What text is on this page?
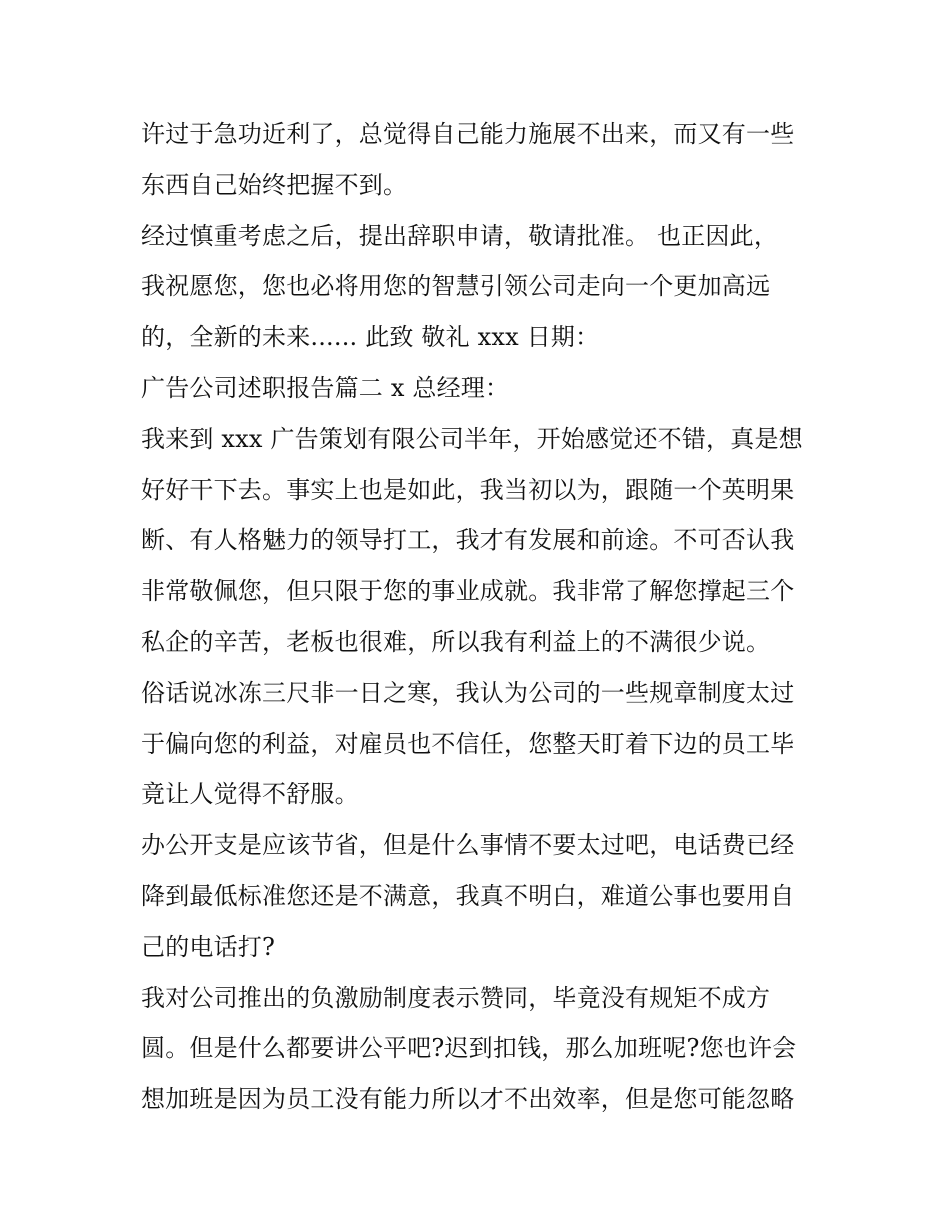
许过于急功近利了，总觉得自己能力施展不出来，而又有一些
东西自己始终把握不到。
经过慎重考虑之后，提出辞职申请，敬请批准。 也正因此，
我祝愿您，您也必将用您的智慧引领公司走向一个更加高远
的，全新的未来...... 此致 敬礼 xxx 日期：
广告公司述职报告篇二 x 总经理：
我来到 xxx 广告策划有限公司半年，开始感觉还不错，真是想
好好干下去。事实上也是如此，我当初以为，跟随一个英明果
断、有人格魅力的领导打工，我才有发展和前途。不可否认我
非常敬佩您，但只限于您的事业成就。我非常了解您撑起三个
私企的辛苦，老板也很难，所以我有利益上的不满很少说。
俗话说冰冻三尺非一日之寒，我认为公司的一些规章制度太过
于偏向您的利益，对雇员也不信任，您整天盯着下边的员工毕
竟让人觉得不舒服。
办公开支是应该节省，但是什么事情不要太过吧，电话费已经
降到最低标准您还是不满意，我真不明白，难道公事也要用自
己的电话打?
我对公司推出的负激励制度表示赞同，毕竟没有规矩不成方
圆。但是什么都要讲公平吧?迟到扣钱，那么加班呢?您也许会
想加班是因为员工没有能力所以才不出效率，但是您可能忽略
